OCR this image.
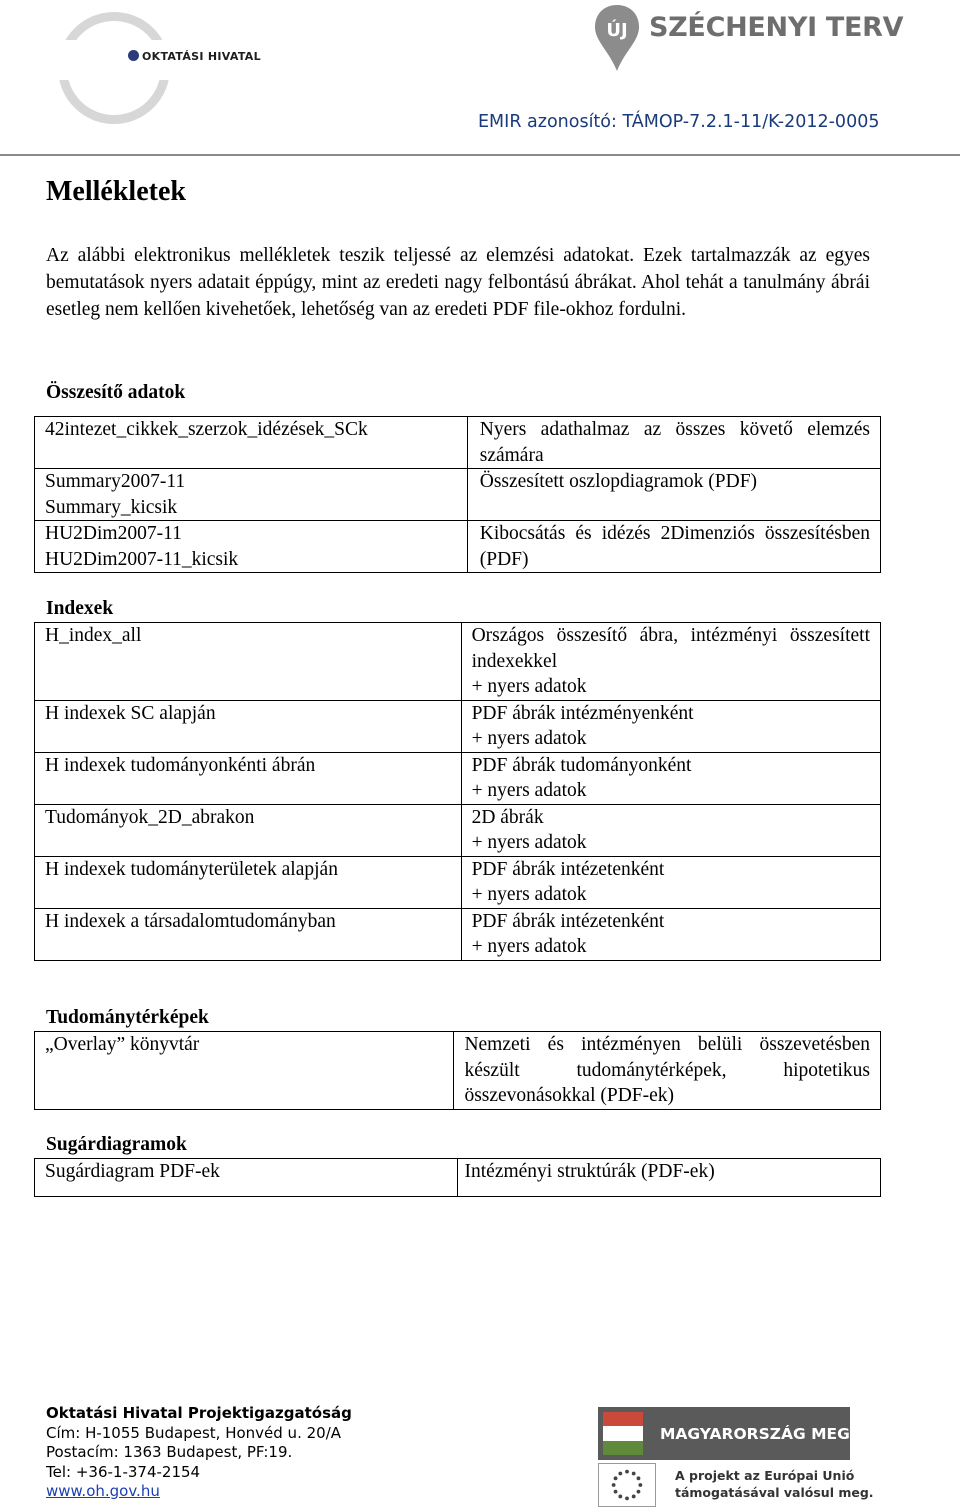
OKTATÁSI HIVATAL
ÚJ SZÉCHENYI TERV
EMIR azonosító: TÁMOP-7.2.1-11/K-2012-0005
Mellékletek
Az alábbi elektronikus mellékletek teszik teljessé az elemzési adatokat. Ezek tartalmazzák az egyes bemutatások nyers adatait éppúgy, mint az eredeti nagy felbontású ábrákat. Ahol tehát a tanulmány ábrái esetleg nem kellően kivehetőek, lehetőség van az eredeti PDF file-okhoz fordulni.
Összesítő adatok
42intezet_cikkek_szerzok_idézések_SCk	Nyers adathalmaz az összes követő elemzés számára
Summary2007-11
Summary_kicsik	Összesített oszlopdiagramok (PDF)
HU2Dim2007-11
HU2Dim2007-11_kicsik	Kibocsátás és idézés 2Dimenziós összesítésben (PDF)
Indexek
H_index_all	Országos összesítő ábra, intézményi összesített indexekkel
+ nyers adatok
H indexek SC alapján	PDF ábrák intézményenként
+ nyers adatok
H indexek tudományonkénti ábrán	PDF ábrák tudományonként
+ nyers adatok
Tudományok_2D_abrakon	2D ábrák
+ nyers adatok
H indexek tudományterületek alapján	PDF ábrák intézetenként
+ nyers adatok
H indexek a társadalomtudományban	PDF ábrák intézetenként
+ nyers adatok
Tudománytérképek
„Overlay” könyvtár	Nemzeti és intézményen belüli összevetésben készült tudománytérképek, hipotetikus összevonásokkal (PDF-ek)
Sugárdiagramok
Sugárdiagram PDF-ek	Intézményi struktúrák (PDF-ek)
Oktatási Hivatal Projektigazgatóság
Cím: H-1055 Budapest, Honvéd u. 20/A
Postacím: 1363 Budapest, PF:19.
Tel: +36-1-374-2154
www.oh.gov.hu
MAGYARORSZÁG MEGÚJUL
A projekt az Európai Unió
támogatásával valósul meg.
